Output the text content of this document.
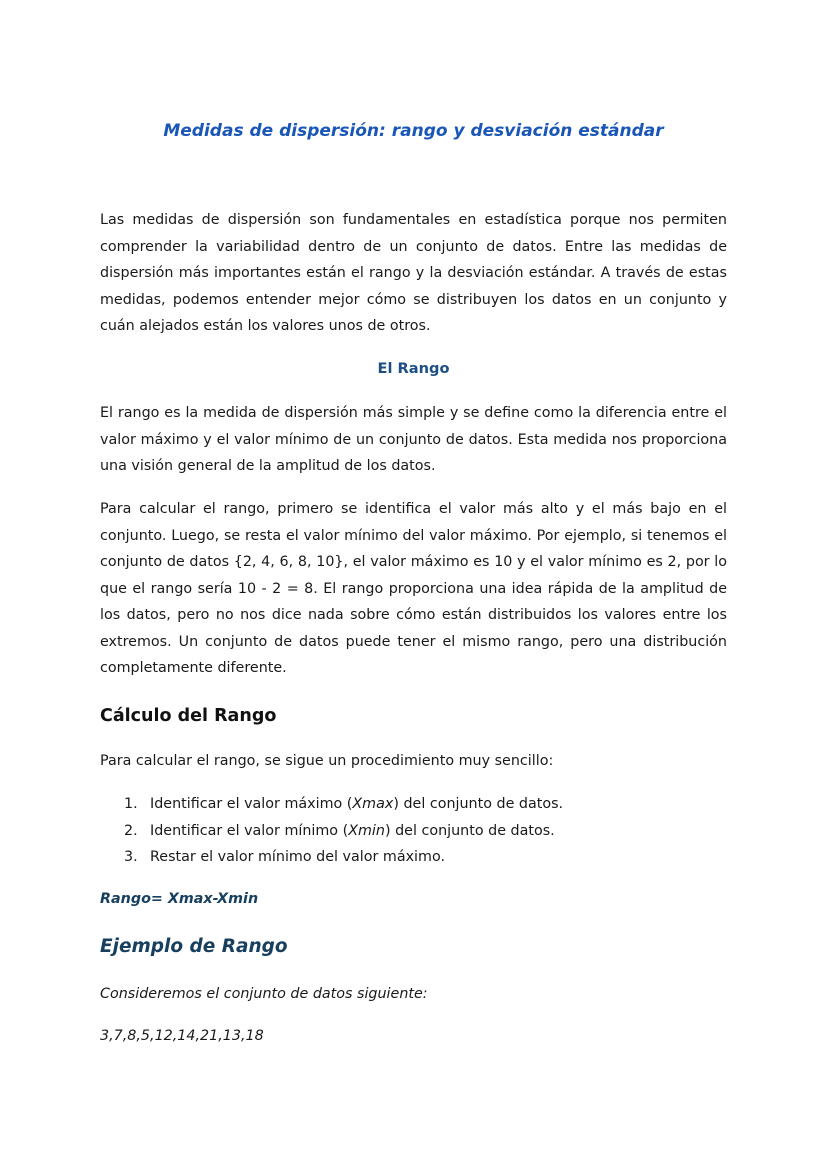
Medidas de dispersión: rango y desviación estándar

Las medidas de dispersión son fundamentales en estadística porque nos permiten comprender la variabilidad dentro de un conjunto de datos. Entre las medidas de dispersión más importantes están el rango y la desviación estándar. A través de estas medidas, podemos entender mejor cómo se distribuyen los datos en un conjunto y cuán alejados están los valores unos de otros.

El Rango

El rango es la medida de dispersión más simple y se define como la diferencia entre el valor máximo y el valor mínimo de un conjunto de datos. Esta medida nos proporciona una visión general de la amplitud de los datos.

Para calcular el rango, primero se identifica el valor más alto y el más bajo en el conjunto. Luego, se resta el valor mínimo del valor máximo. Por ejemplo, si tenemos el conjunto de datos {2, 4, 6, 8, 10}, el valor máximo es 10 y el valor mínimo es 2, por lo que el rango sería 10 - 2 = 8. El rango proporciona una idea rápida de la amplitud de los datos, pero no nos dice nada sobre cómo están distribuidos los valores entre los extremos. Un conjunto de datos puede tener el mismo rango, pero una distribución completamente diferente.

Cálculo del Rango

Para calcular el rango, se sigue un procedimiento muy sencillo:

1. Identificar el valor máximo (Xmax) del conjunto de datos.
2. Identificar el valor mínimo (Xmin) del conjunto de datos.
3. Restar el valor mínimo del valor máximo.

Rango= Xmax-Xmin

Ejemplo de Rango

Consideremos el conjunto de datos siguiente:

3,7,8,5,12,14,21,13,18
